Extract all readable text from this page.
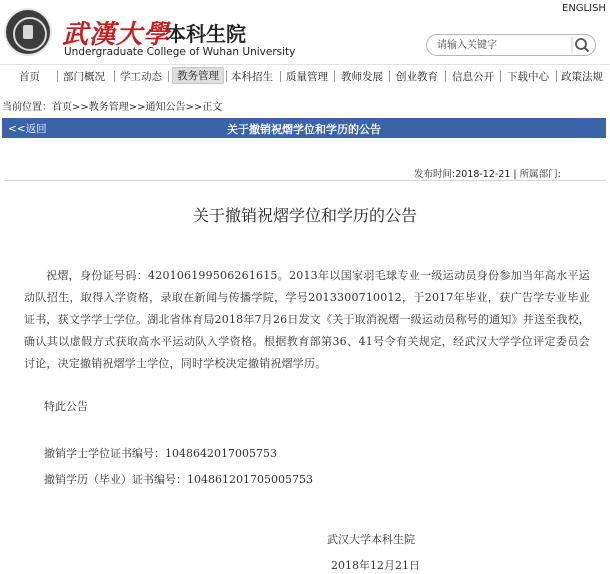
武漢大學
本科生院
Undergraduate College of Wuhan University
ENGLISH
请输入关键字
首页 部门概况 学工动态	教务管理	本科招生 质量管理 教师发展 创业教育 信息公开 下载中心 政策法规
当前位置：首页>>教务管理>>通知公告>>正文
关于撤销祝熠学位和学历的公告
<<返回
发布时间:2018-12-21 | 所属部门:
关于撤销祝熠学位和学历的公告
祝熠，身份证号码：420106199506261615。2013年以国家羽毛球专业一级运动员身份参加当年高水平运动队招生，取得入学资格，录取在新闻与传播学院，学号2013300710012，于2017年毕业，获广告学专业毕业证书，获文学学士学位。湖北省体育局2018年7月26日发文《关于取消祝熠一级运动员称号的通知》并送至我校，确认其以虚假方式获取高水平运动队入学资格。根据教育部第36、41号令有关规定，经武汉大学学位评定委员会讨论，决定撤销祝熠学士学位，同时学校决定撤销祝熠学历。
特此公告
撤销学士学位证书编号：1048642017005753
撤销学历（毕业）证书编号：104861201705005753
武汉大学本科生院
2018年12月21日
